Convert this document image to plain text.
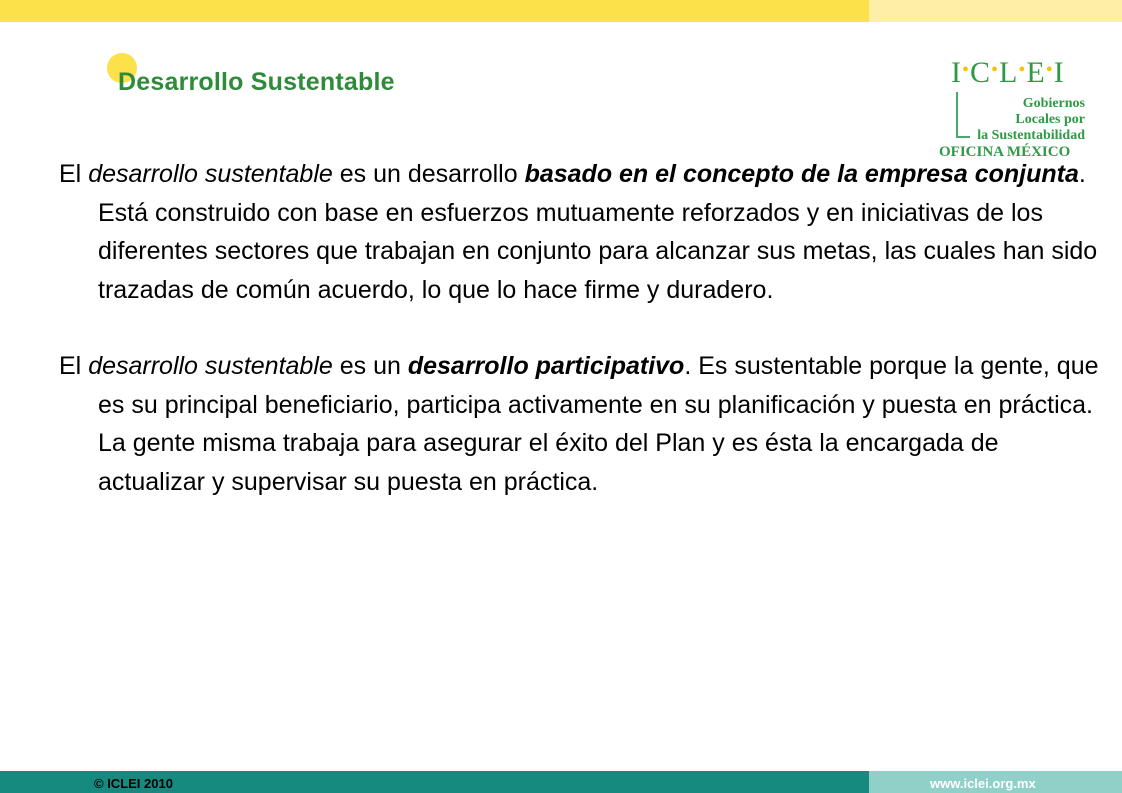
Desarrollo Sustentable	I•C•L•E•I
Gobiernos
Locales por
la Sustentabilidad
OFICINA MÉXICO

El desarrollo sustentable es un desarrollo basado en el concepto de la empresa conjunta. Está construido con base en esfuerzos mutuamente reforzados y en iniciativas de los diferentes sectores que trabajan en conjunto para alcanzar sus metas, las cuales han sido trazadas de común acuerdo, lo que lo hace firme y duradero.

El desarrollo sustentable es un desarrollo participativo. Es sustentable porque la gente, que es su principal beneficiario, participa activamente en su planificación y puesta en práctica. La gente misma trabaja para asegurar el éxito del Plan y es ésta la encargada de actualizar y supervisar su puesta en práctica.

© ICLEI 2010	www.iclei.org.mx
